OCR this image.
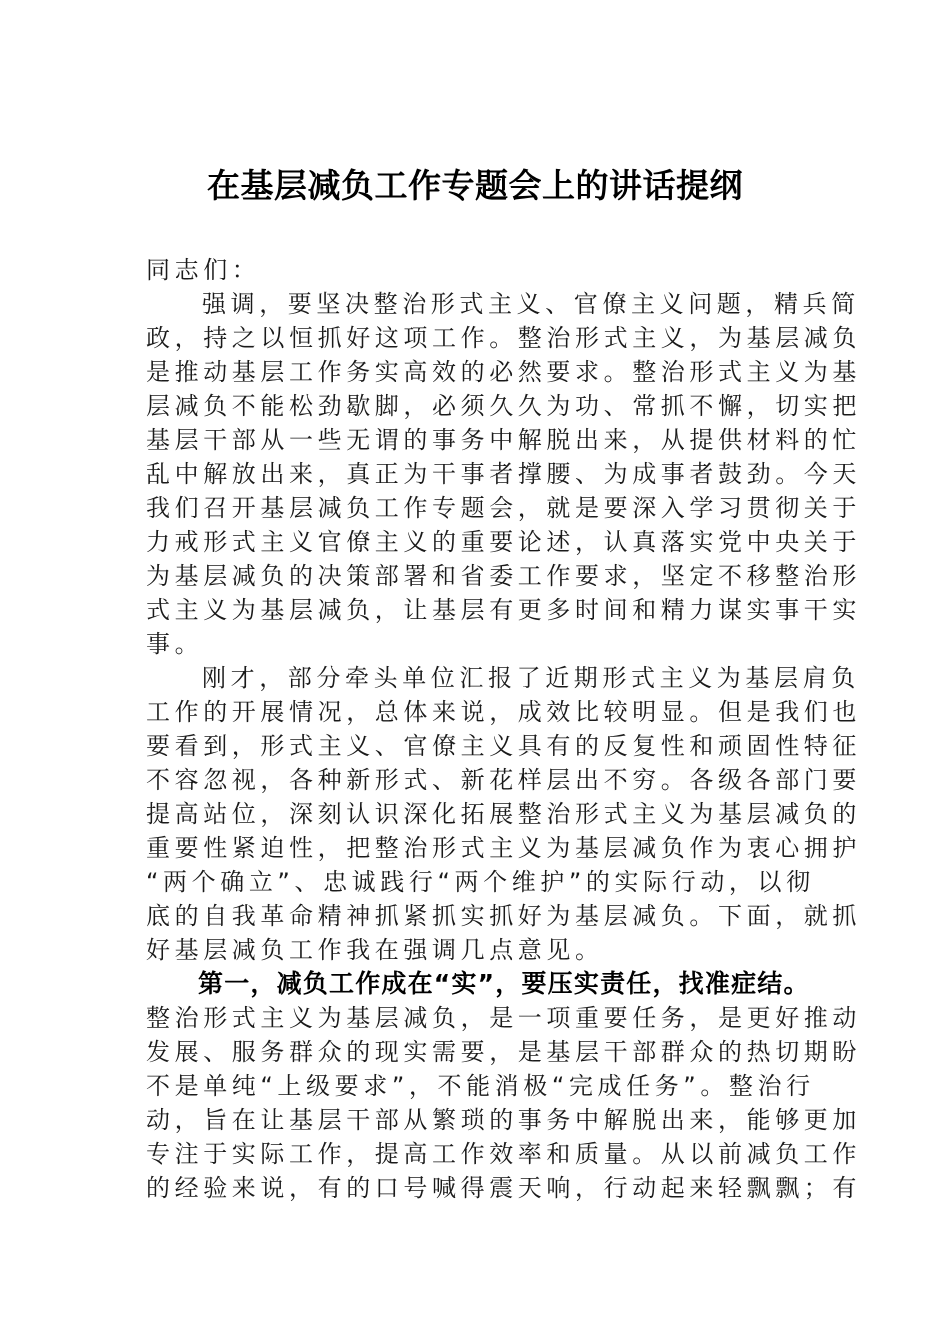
在基层减负工作专题会上的讲话提纲
同志们：
强调，要坚决整治形式主义、官僚主义问题，精兵简
政，持之以恒抓好这项工作。整治形式主义，为基层减负
是推动基层工作务实高效的必然要求。整治形式主义为基
层减负不能松劲歇脚，必须久久为功、常抓不懈，切实把
基层干部从一些无谓的事务中解脱出来，从提供材料的忙
乱中解放出来，真正为干事者撑腰、为成事者鼓劲。今天
我们召开基层减负工作专题会，就是要深入学习贯彻关于
力戒形式主义官僚主义的重要论述，认真落实党中央关于
为基层减负的决策部署和省委工作要求，坚定不移整治形
式主义为基层减负，让基层有更多时间和精力谋实事干实
事。
刚才，部分牵头单位汇报了近期形式主义为基层肩负
工作的开展情况，总体来说，成效比较明显。但是我们也
要看到，形式主义、官僚主义具有的反复性和顽固性特征
不容忽视，各种新形式、新花样层出不穷。各级各部门要
提高站位，深刻认识深化拓展整治形式主义为基层减负的
重要性紧迫性，把整治形式主义为基层减负作为衷心拥护
“两个确立”、忠诚践行“两个维护”的实际行动，以彻
底的自我革命精神抓紧抓实抓好为基层减负。下面，就抓
好基层减负工作我在强调几点意见。
第一，减负工作成在“实”，要压实责任，找准症结。
整治形式主义为基层减负，是一项重要任务，是更好推动
发展、服务群众的现实需要，是基层干部群众的热切期盼
不是单纯“上级要求”，不能消极“完成任务”。整治行
动，旨在让基层干部从繁琐的事务中解脱出来，能够更加
专注于实际工作，提高工作效率和质量。从以前减负工作
的经验来说，有的口号喊得震天响，行动起来轻飘飘；有
